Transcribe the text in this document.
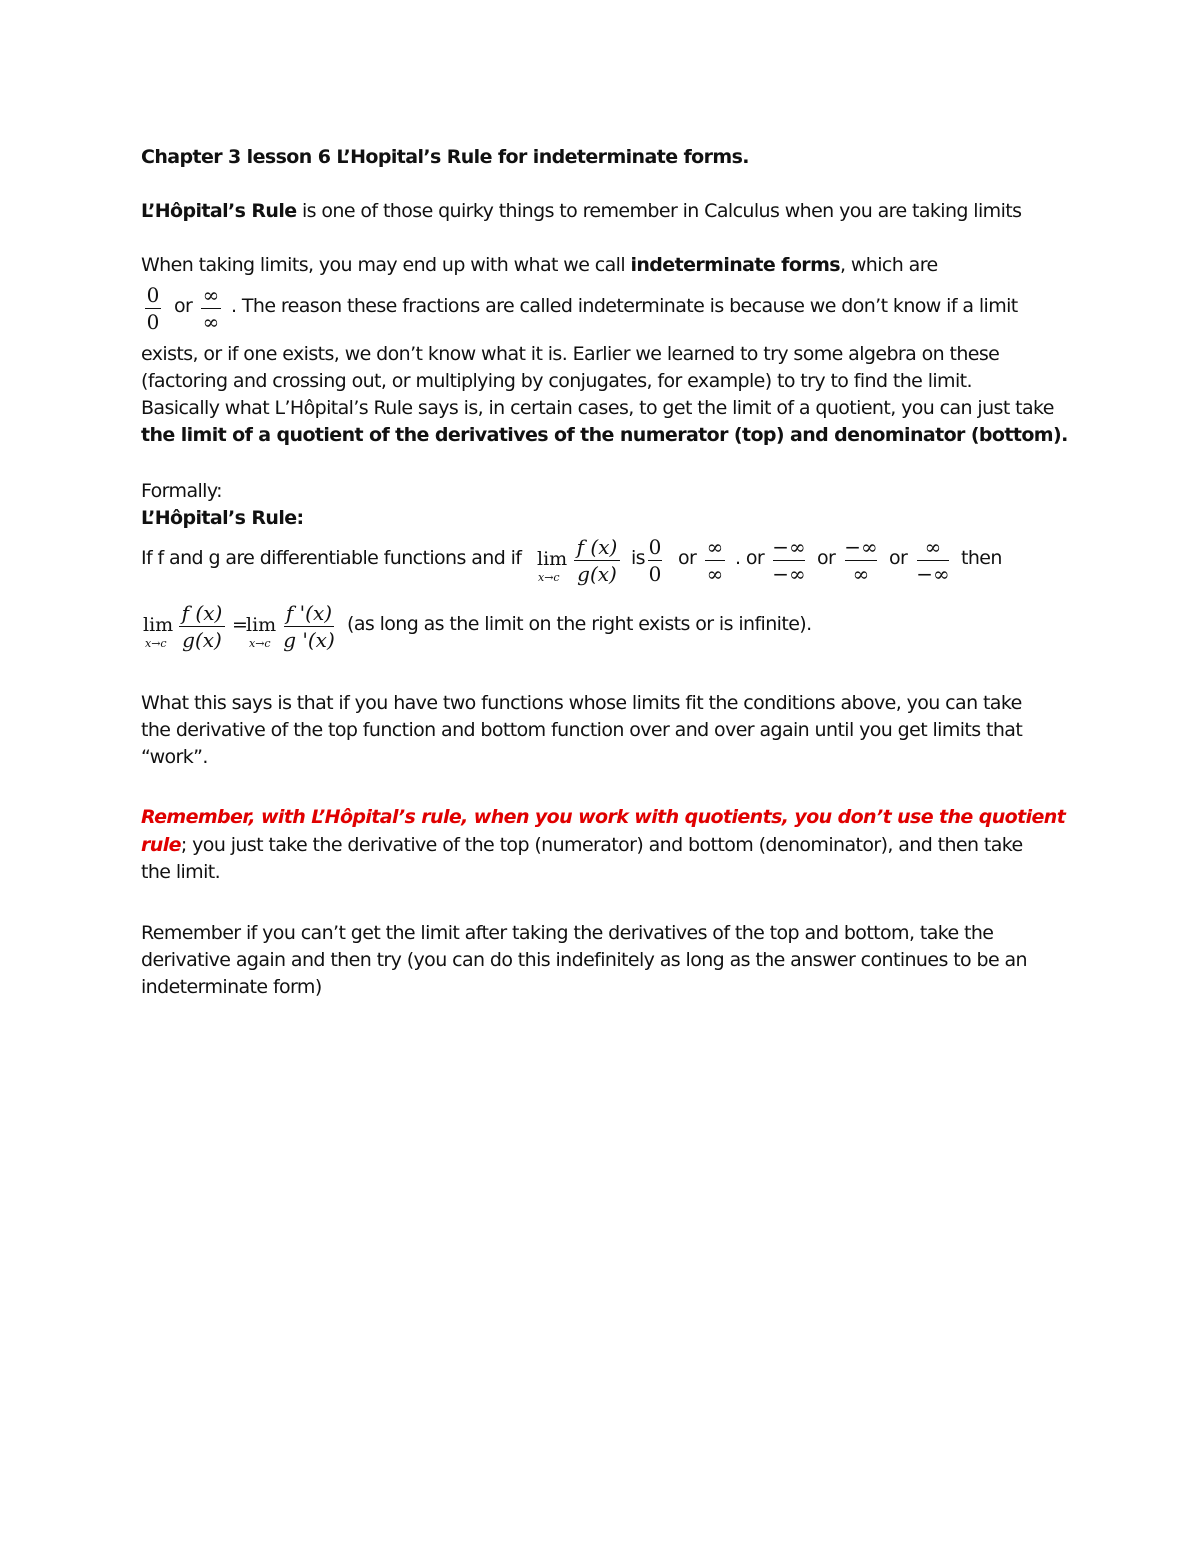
Chapter 3 lesson 6 L’Hopital’s Rule for indeterminate forms.
L’Hôpital’s Rule is one of those quirky things to remember in Calculus when you are taking limits
When taking limits, you may end up with what we call indeterminate forms, which are
0
0
or ∞
∞
. The reason these fractions are called indeterminate is because we don’t know if a limit
exists, or if one exists, we don’t know what it is. Earlier we learned to try some algebra on these
(factoring and crossing out, or multiplying by conjugates, for example) to try to find the limit.
Basically what L’Hôpital’s Rule says is, in certain cases, to get the limit of a quotient, you can just take
the limit of a quotient of the derivatives of the numerator (top) and denominator (bottom).
Formally:
L’Hôpital’s Rule:
If f and g are differentiable functions and if lim
x→c
f (x)
g(x)
is 0
0
or ∞
∞
. or −∞
−∞
or −∞
∞
or ∞
−∞
then
lim
x→c
f (x)
g(x)
=
lim
x→c
f '(x)
g '(x)
(as long as the limit on the right exists or is infinite).
What this says is that if you have two functions whose limits fit the conditions above, you can take
the derivative of the top function and bottom function over and over again until you get limits that
“work”.
Remember, with L’Hôpital’s rule, when you work with quotients, you don’t use the quotient
rule; you just take the derivative of the top (numerator) and bottom (denominator), and then take
the limit.
Remember if you can’t get the limit after taking the derivatives of the top and bottom, take the
derivative again and then try (you can do this indefinitely as long as the answer continues to be an
indeterminate form)
